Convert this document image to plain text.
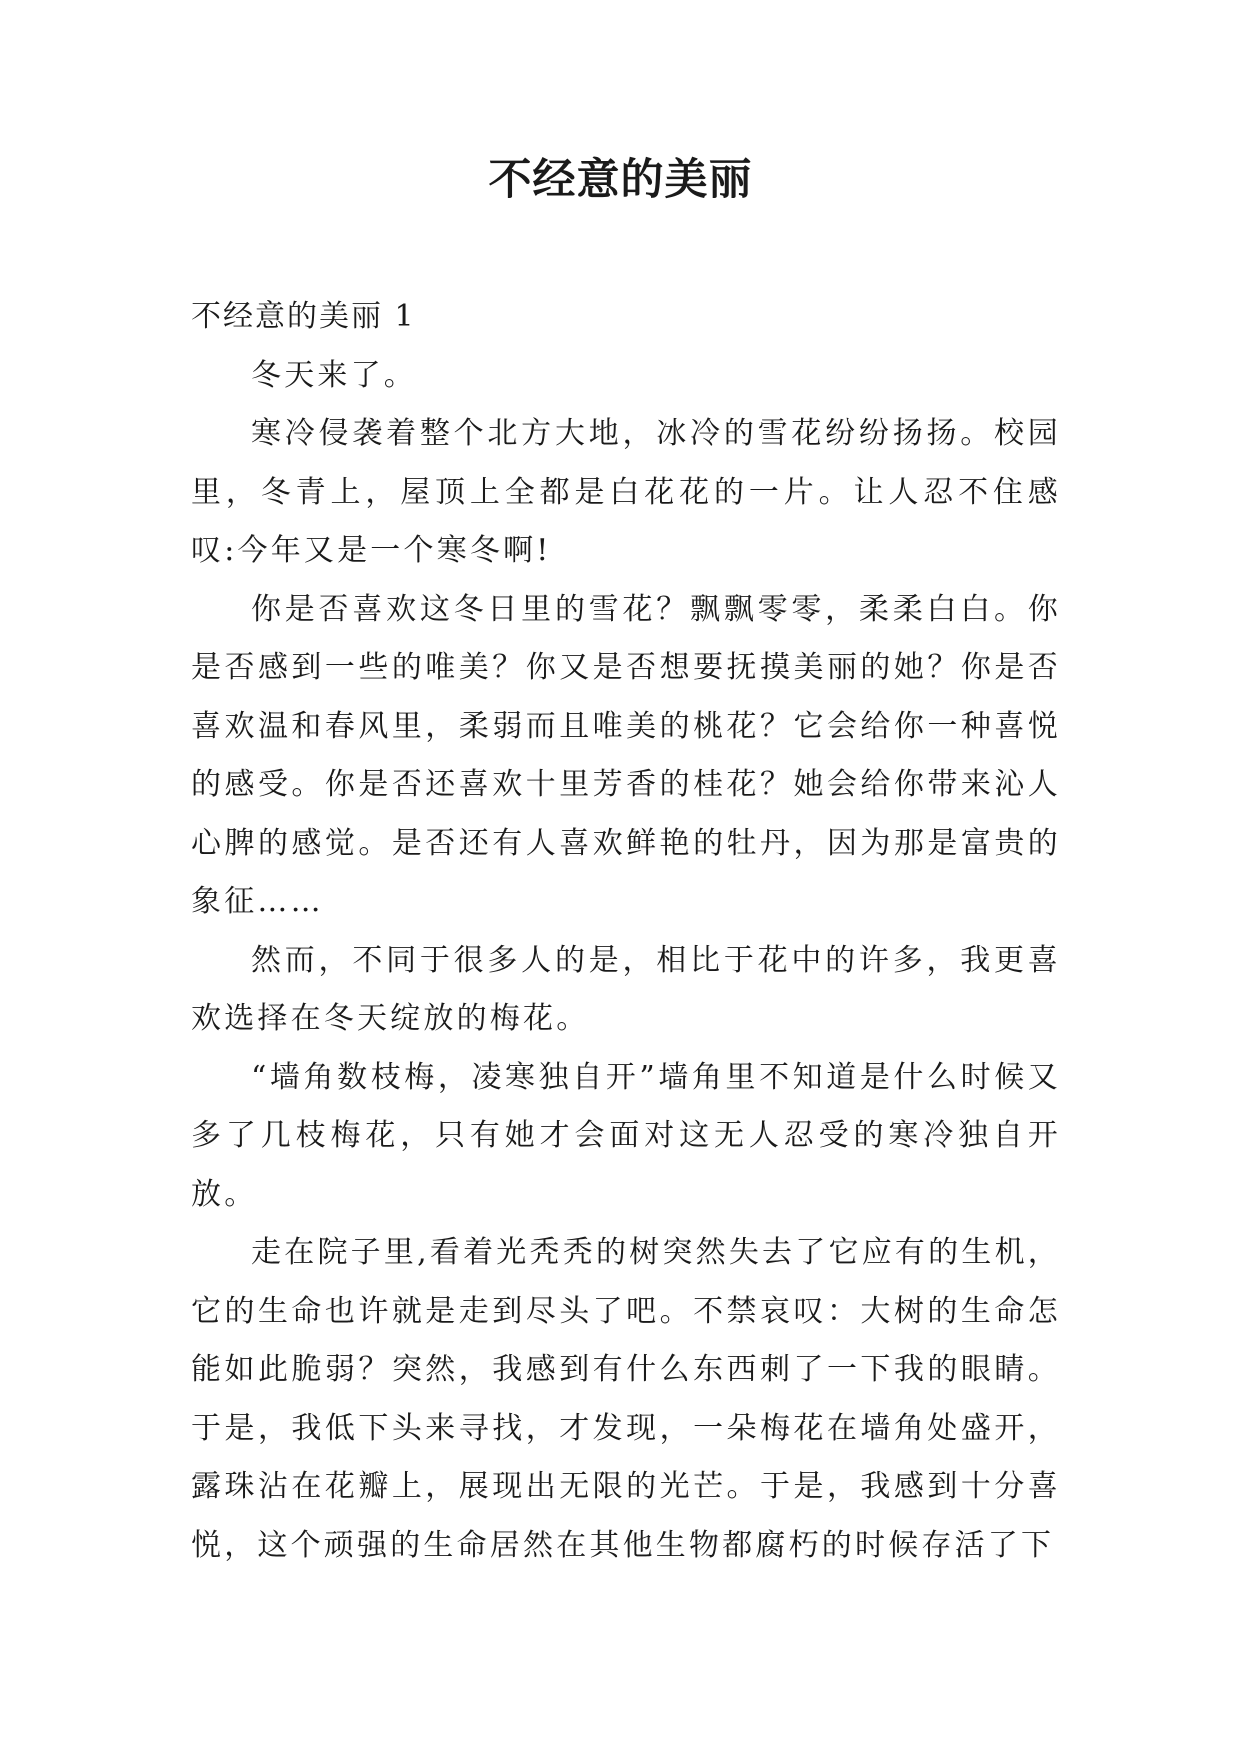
不经意的美丽
不经意的美丽 1

冬天来了。

寒冷侵袭着整个北方大地，冰冷的雪花纷纷扬扬。校园里，冬青上，屋顶上全都是白花花的一片。让人忍不住感叹:今年又是一个寒冬啊!

你是否喜欢这冬日里的雪花？飘飘零零，柔柔白白。你是否感到一些的唯美？你又是否想要抚摸美丽的她？你是否喜欢温和春风里，柔弱而且唯美的桃花？它会给你一种喜悦的感受。你是否还喜欢十里芳香的桂花？她会给你带来沁人心脾的感觉。是否还有人喜欢鲜艳的牡丹，因为那是富贵的象征……

然而，不同于很多人的是，相比于花中的许多，我更喜欢选择在冬天绽放的梅花。

“墙角数枝梅，凌寒独自开”墙角里不知道是什么时候又多了几枝梅花，只有她才会面对这无人忍受的寒冷独自开放。

走在院子里,看着光秃秃的树突然失去了它应有的生机，它的生命也许就是走到尽头了吧。不禁哀叹：大树的生命怎能如此脆弱？突然，我感到有什么东西刺了一下我的眼睛。于是，我低下头来寻找，才发现，一朵梅花在墙角处盛开，露珠沾在花瓣上，展现出无限的光芒。于是，我感到十分喜悦，这个顽强的生命居然在其他生物都腐朽的时候存活了下
